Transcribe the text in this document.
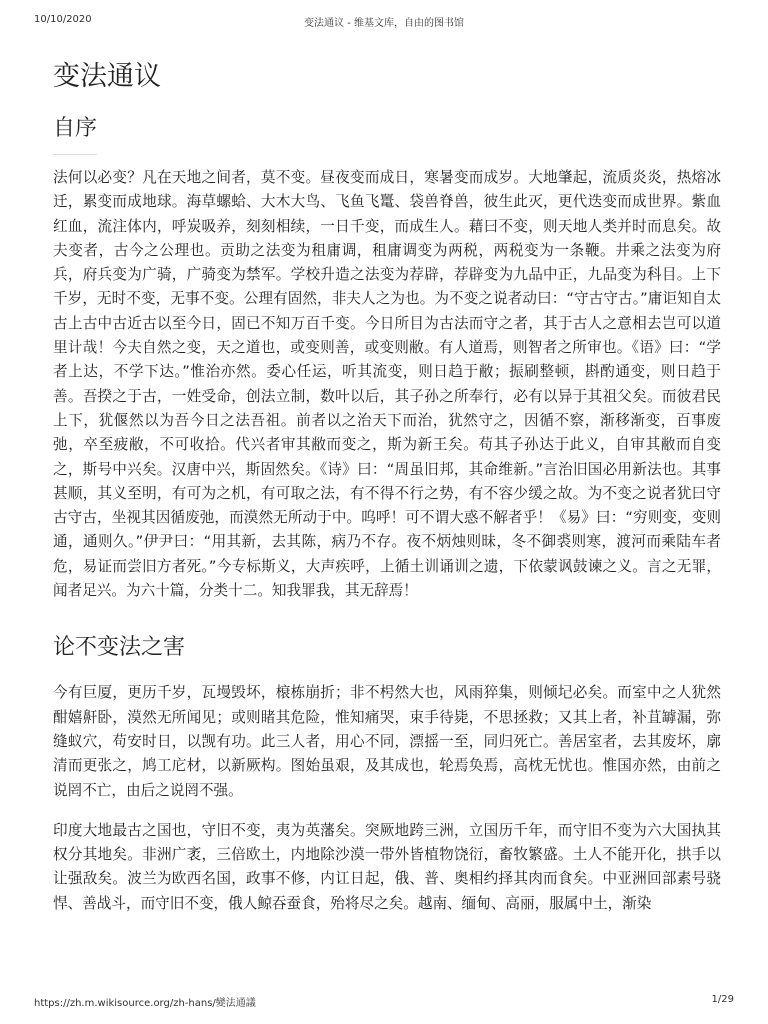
10/10/2020	变法通议 - 维基文库，自由的图书馆
变法通议
自序

法何以必变？凡在天地之间者，莫不变。昼夜变而成日，寒暑变而成岁。大地肇起，流质炎炎，热熔冰迁，累变而成地球。海草螺蛤、大木大鸟、飞鱼飞鼍、袋兽脊兽，彼生此灭，更代迭变而成世界。紫血红血，流注体内，呼炭吸养，刻刻相续，一日千变，而成生人。藉曰不变，则天地人类并时而息矣。故夫变者，古今之公理也。贡助之法变为租庸调，租庸调变为两税，两税变为一条鞭。井乘之法变为府兵，府兵变为广骑，广骑变为禁军。学校升造之法变为荐辟，荐辟变为九品中正，九品变为科目。上下千岁，无时不变，无事不变。公理有固然，非夫人之为也。为不变之说者动曰：“守古守古。”庸讵知自太古上古中古近古以至今日，固已不知万百千变。今日所目为古法而守之者，其于古人之意相去岂可以道里计哉！今夫自然之变，天之道也，或变则善，或变则敝。有人道焉，则智者之所审也。《语》曰：“学者上达，不学下达。”惟治亦然。委心任运，听其流变，则日趋于敝；振刷整顿，斟酌通变，则日趋于善。吾揆之于古，一姓受命，创法立制，数叶以后，其子孙之所奉行，必有以异于其祖父矣。而彼君民上下，犹偃然以为吾今日之法吾祖。前者以之治天下而治，犹然守之，因循不察，渐移渐变，百事废弛，卒至疲敝，不可收拾。代兴者审其敝而变之，斯为新王矣。苟其子孙达于此义，自审其敝而自变之，斯号中兴矣。汉唐中兴，斯固然矣。《诗》曰：“周虽旧邦，其命维新。”言治旧国必用新法也。其事甚顺，其义至明，有可为之机，有可取之法，有不得不行之势，有不容少缓之故。为不变之说者犹曰守古守古，坐视其因循废弛，而漠然无所动于中。呜呼！可不谓大惑不解者乎！《易》曰：“穷则变，变则通，通则久。”伊尹曰：“用其新，去其陈，病乃不存。夜不炳烛则昧，冬不御裘则寒，渡河而乘陆车者危，易证而尝旧方者死。”今专标斯义，大声疾呼，上循土训诵训之遗，下依蒙讽鼓谏之义。言之无罪，闻者足兴。为六十篇，分类十二。知我罪我，其无辞焉！

论不变法之害

今有巨厦，更历千岁，瓦墁毁坏，榱栋崩折；非不枵然大也，风雨猝集，则倾圮必矣。而室中之人犹然酣嬉鼾卧，漠然无所闻见；或则睹其危险，惟知痛哭，束手待毙，不思拯救；又其上者，补苴罅漏，弥缝蚁穴，苟安时日，以觊有功。此三人者，用心不同，漂摇一至，同归死亡。善居室者，去其废坏，廓清而更张之，鸠工庀材，以新厥构。图始虽艰，及其成也，轮焉奂焉，高枕无忧也。惟国亦然，由前之说罔不亡，由后之说罔不强。

印度大地最古之国也，守旧不变，夷为英藩矣。突厥地跨三洲，立国历千年，而守旧不变为六大国执其权分其地矣。非洲广袤，三倍欧土，内地除沙漠一带外皆植物饶衍，畜牧繁盛。土人不能开化，拱手以让强敌矣。波兰为欧西名国，政事不修，内讧日起，俄、普、奥相约择其肉而食矣。中亚洲回部素号骁悍、善战斗，而守旧不变，俄人鲸吞蚕食，殆将尽之矣。越南、缅甸、高丽，服属中土，渐染

https://zh.m.wikisource.org/zh-hans/變法通議	1/29
